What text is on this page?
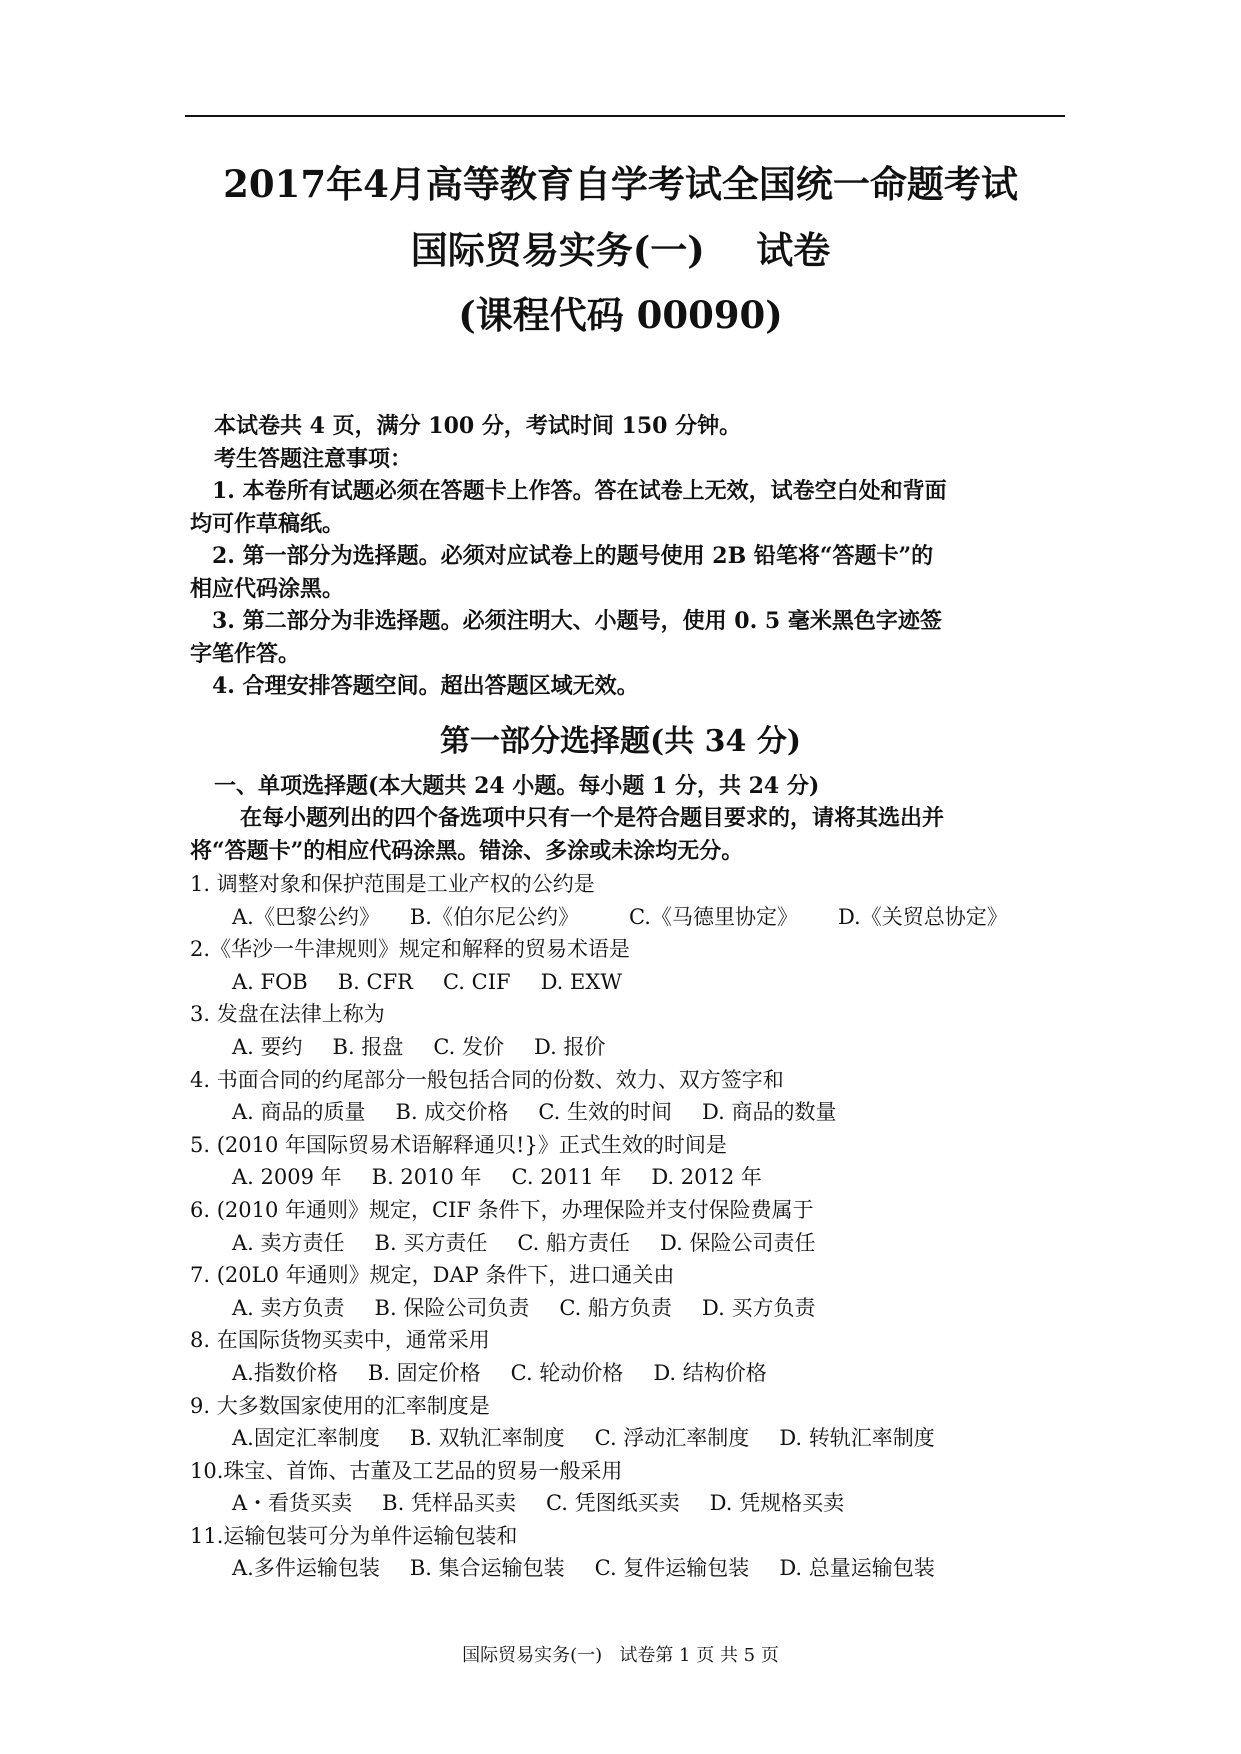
2017年4月高等教育自学考试全国统一命题考试
国际贸易实务(一)    试卷
(课程代码 00090)

本试卷共 4 页，满分 100 分，考试时间 150 分钟。

考生答题注意事项：

1. 本卷所有试题必须在答题卡上作答。答在试卷上无效，试卷空白处和背面

均可作草稿纸。

2. 第一部分为选择题。必须对应试卷上的题号使用 2B 铅笔将“答题卡”的

相应代码涂黑。

3. 第二部分为非选择题。必须注明大、小题号，使用 0. 5 毫米黑色字迹签

字笔作答。

4. 合理安排答题空间。超出答题区域无效。

第一部分选择题(共 34 分)
一、单项选择题(本大题共 24 小题。每小题 1 分，共 24 分)

在每小题列出的四个备选项中只有一个是符合题目要求的，请将其选出并

将“答题卡”的相应代码涂黑。错涂、多涂或未涂均无分。

1. 调整对象和保护范围是工业产权的公约是
A.《巴黎公约》 B.《伯尔尼公约》 C.《马德里协定》 D.《关贸总协定》
2.《华沙一牛津规则》规定和解释的贸易术语是
A. FOB B. CFR C. CIF D. EXW
3. 发盘在法律上称为
A. 要约 B. 报盘 C. 发价 D. 报价
4. 书面合同的约尾部分一般包括合同的份数、效力、双方签字和
A. 商品的质量 B. 成交价格 C. 生效的时间 D. 商品的数量
5. (2010 年国际贸易术语解释通贝!}》正式生效的时间是
A. 2009 年 B. 2010 年 C. 2011 年 D. 2012 年
6. (2010 年通则》规定，CIF 条件下，办理保险并支付保险费属于
A. 卖方责任 B. 买方责任 C. 船方责任 D. 保险公司责任
7. (20L0 年通则》规定，DAP 条件下，进口通关由
A. 卖方负责 B. 保险公司负责 C. 船方负责 D. 买方负责
8. 在国际货物买卖中，通常采用
A.指数价格 B. 固定价格 C. 轮动价格 D. 结构价格
9. 大多数国家使用的汇率制度是
A.固定汇率制度 B. 双轨汇率制度 C. 浮动汇率制度 D. 转轨汇率制度
10.珠宝、首饰、古董及工艺品的贸易一般采用
A・看货买卖 B. 凭样品买卖 C. 凭图纸买卖 D. 凭规格买卖
11.运输包装可分为单件运输包装和
A.多件运输包装 B. 集合运输包装 C. 复件运输包装 D. 总量运输包装
国际贸易实务(一)   试卷第 1 页 共 5 页
